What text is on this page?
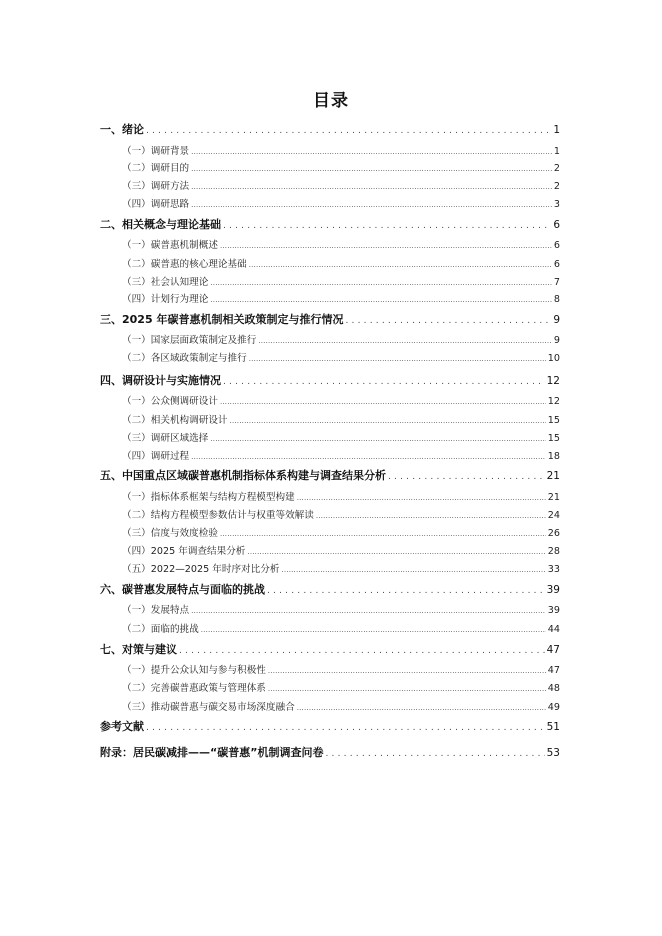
目录
一、绪论 .....	1
（一）调研背景 .....	1
（二）调研目的 .....	2
（三）调研方法 .....	2
（四）调研思路 .....	3
二、相关概念与理论基础 .....	6
（一）碳普惠机制概述 .....	6
（二）碳普惠的核心理论基础 .....	6
（三）社会认知理论 .....	7
（四）计划行为理论 .....	8
三、2025 年碳普惠机制相关政策制定与推行情况 .....	9
（一）国家层面政策制定及推行 .....	9
（二）各区域政策制定与推行 .....	10
四、调研设计与实施情况 .....	12
（一）公众侧调研设计 .....	12
（二）相关机构调研设计 .....	15
（三）调研区域选择 .....	15
（四）调研过程 .....	18
五、中国重点区域碳普惠机制指标体系构建与调查结果分析 .....	21
（一）指标体系框架与结构方程模型构建 .....	21
（二）结构方程模型参数估计与权重等效解读 .....	24
（三）信度与效度检验 .....	26
（四）2025 年调查结果分析 .....	28
（五）2022—2025 年时序对比分析 .....	33
六、碳普惠发展特点与面临的挑战 .....	39
（一）发展特点 .....	39
（二）面临的挑战 .....	44
七、对策与建议 .....	47
（一）提升公众认知与参与积极性 .....	47
（二）完善碳普惠政策与管理体系 .....	48
（三）推动碳普惠与碳交易市场深度融合 .....	49
参考文献 .....	51
附录：居民碳减排——“碳普惠”机制调查问卷 .....	53
